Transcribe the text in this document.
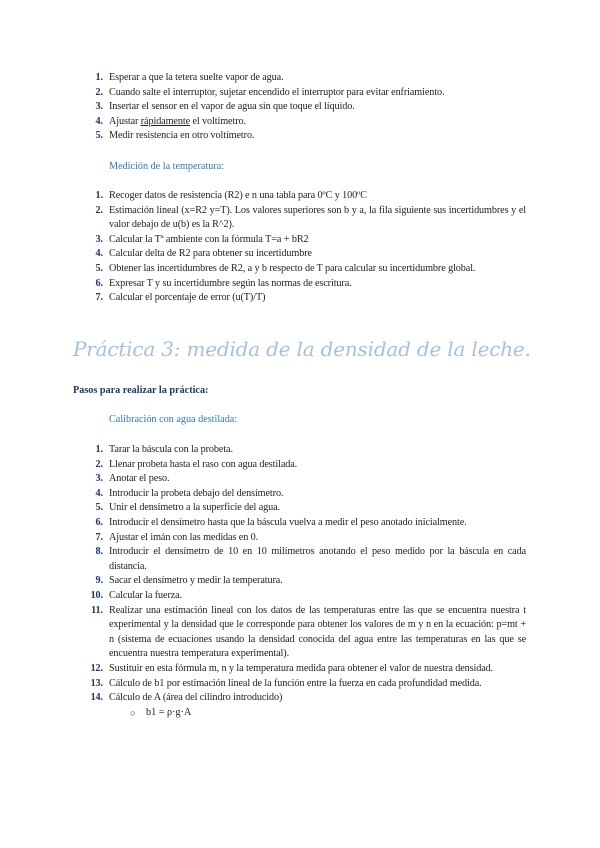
1. Esperar a que la tetera suelte vapor de agua.
2. Cuando salte el interruptor, sujetar encendido el interruptor para evitar enfriamiento.
3. Insertar el sensor en el vapor de agua sin que toque el líquido.
4. Ajustar rápidamente el voltímetro.
5. Medir resistencia en otro voltímetro.
Medición de la temperatura:
1. Recoger datos de resistencia (R2) e n una tabla para 0ºC y 100ºC
2. Estimación lineal (x=R2 y=T). Los valores superiores son b y a, la fila siguiente sus incertidumbres y el valor debajo de u(b) es la R^2).
3. Calcular la Tª ambiente con la fórmula T=a + bR2
4. Calcular delta de R2 para obtener su incertidumbre
5. Obtener las incertidumbres de R2, a y b respecto de T para calcular su incertidumbre global.
6. Expresar T y su incertidumbre según las normas de escritura.
7. Calcular el porcentaje de error (u(T)/T)
Práctica 3: medida de la densidad de la leche.
Pasos para realizar la práctica:
Calibración con agua destilada:
1. Tarar la báscula con la probeta.
2. Llenar probeta hasta el raso con agua destilada.
3. Anotar el peso.
4. Introducir la probeta debajo del densímetro.
5. Unir el densímetro a la superficie del agua.
6. Introducir el densímetro hasta que la báscula vuelva a medir el peso anotado inicialmente.
7. Ajustar el imán con las medidas en 0.
8. Introducir el densímetro de 10 en 10 milímetros anotando el peso medido por la báscula en cada distancia.
9. Sacar el densímetro y medir la temperatura.
10. Calcular la fuerza.
11. Realizar una estimación lineal con los datos de las temperaturas entre las que se encuentra nuestra t experimental y la densidad que le corresponde para obtener los valores de m y n en la ecuación: p=mt + n (sistema de ecuaciones usando la densidad conocida del agua entre las temperaturas en las que se encuentra nuestra temperatura experimental).
12. Sustituir en esta fórmula m, n y la temperatura medida para obtener el valor de nuestra densidad.
13. Cálculo de b1 por estimación lineal de la función entre la fuerza en cada profundidad medida.
14. Cálculo de A (área del cilindro introducido)
○ b1 = ρ·g·A
